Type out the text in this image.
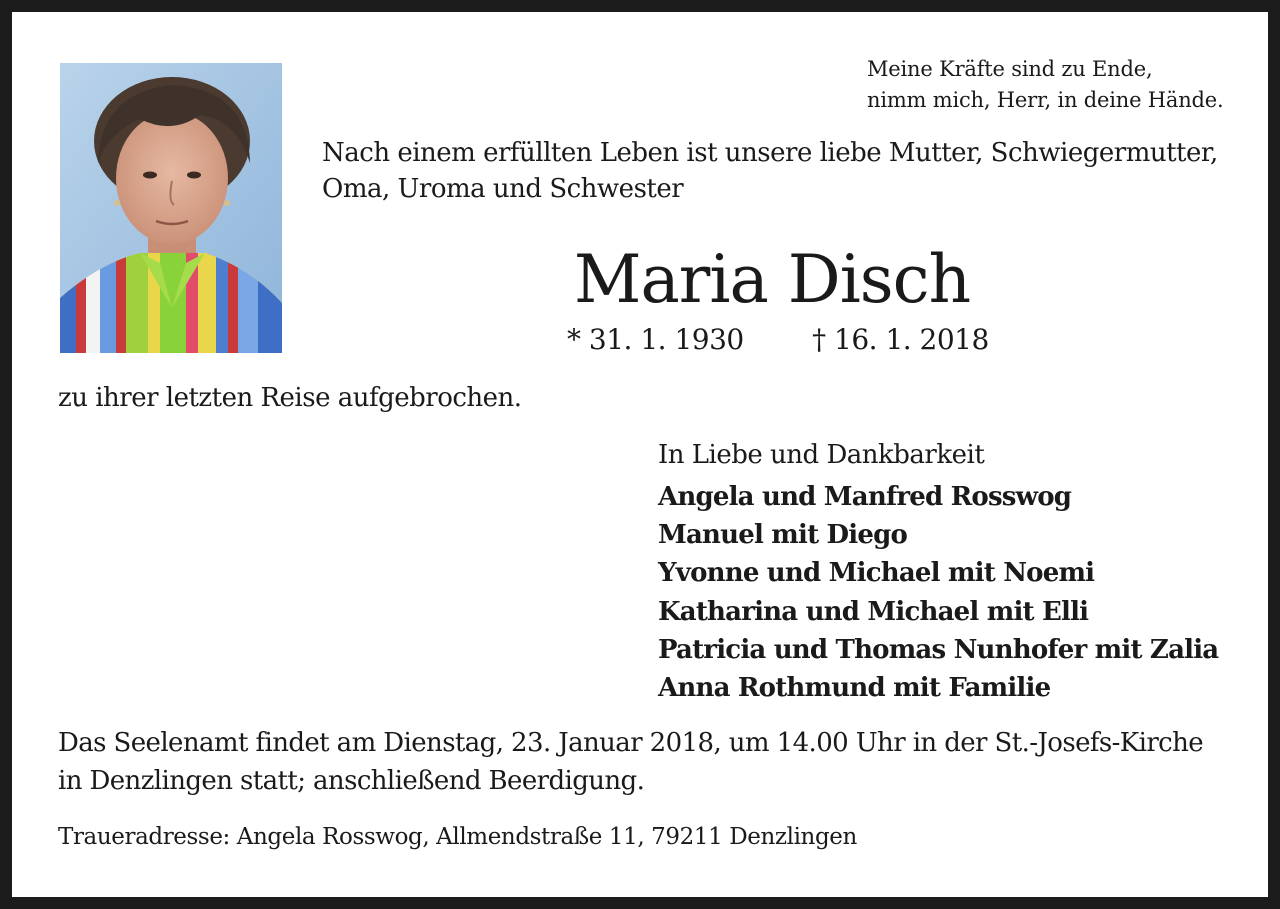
Meine Kräfte sind zu Ende,
nimm mich, Herr, in deine Hände.
Nach einem erfüllten Leben ist unsere liebe Mutter, Schwiegermutter,
Oma, Uroma und Schwester
Maria Disch
* 31. 1. 1930 † 16. 1. 2018
zu ihrer letzten Reise aufgebrochen.
In Liebe und Dankbarkeit
Angela und Manfred Rosswog
Manuel mit Diego
Yvonne und Michael mit Noemi
Katharina und Michael mit Elli
Patricia und Thomas Nunhofer mit Zalia
Anna Rothmund mit Familie
Das Seelenamt findet am Dienstag, 23. Januar 2018, um 14.00 Uhr in der St.-Josefs-Kirche
in Denzlingen statt; anschließend Beerdigung.
Traueradresse: Angela Rosswog, Allmendstraße 11, 79211 Denzlingen
